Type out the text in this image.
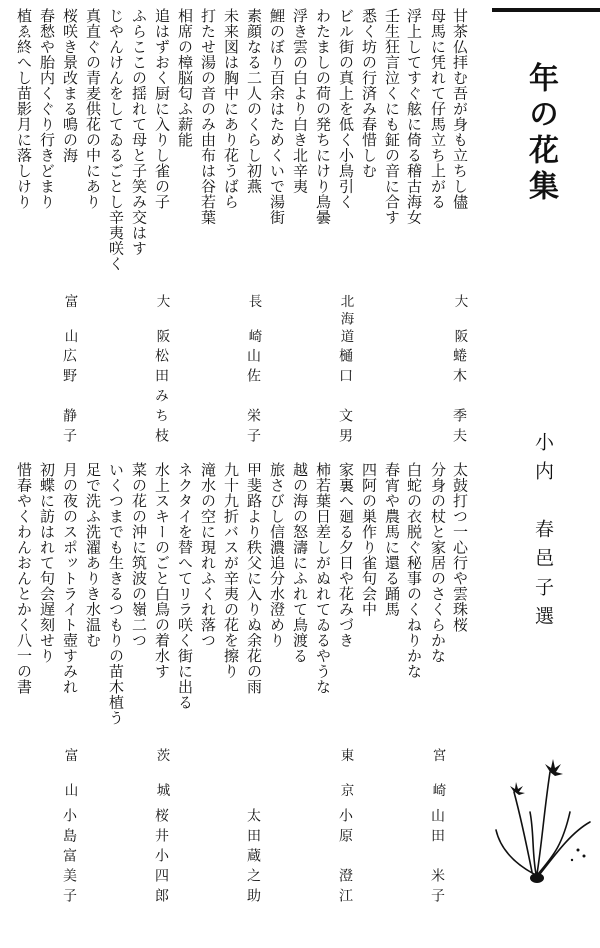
年の花集
小内　春邑子選
甘茶仏拝む吾が身も立ちし儘
母馬に凭れて仔馬立ち上がる
浮上してすぐ舷に倚る稽古海女
壬生狂言泣くにも鉦の音に合す
悉く坊の行済み春惜しむ
ビル街の真上を低く小鳥引く
わたましの荷の発ちにけり鳥曇
浮き雲の白より白き北辛夷
鯉のぼり百余はためくいで湯街
素顔なる二人のくらし初燕
未来図は胸中にあり花うばら
打たせ湯の音のみ由布は谷若葉
相席の樟脳匂ふ薪能
追はずおく厨に入りし雀の子
ふらここの揺れて母と子笑み交はす
じやんけんをしてゐるごとし辛夷咲く
真直ぐの青麦供花の中にあり
桜咲き景改まる鳴の海
春愁や胎内くぐり行きどまり
植ゑ終へし苗影月に落しけり
大　阪
蜷木　季夫
北海道
樋口　文男
長　崎
山佐　栄子
大　阪
松田みち枝
富　山
広野　静子
太鼓打つ一心行や雲珠桜
分身の杖と家居のさくらかな
白蛇の衣脱ぐ秘事のくねりかな
春宵や農馬に還る踊馬
四阿の巣作り雀句会中
家裏へ廻る夕日や花みづき
柿若葉日差しがぬれてゐるやうな
越の海の怒濤にふれて鳥渡る
旅さびし信濃追分水澄めり
甲斐路より秩父に入りぬ余花の雨
九十九折バスが辛夷の花を擦り
滝水の空に現れふくれ落つ
ネクタイを替へてリラ咲く街に出る
水上スキーのごと白鳥の着水す
菜の花の沖に筑波の嶺二つ
いくつまでも生きるつもりの苗木植う
足で洗ふ洗濯ありき水温む
月の夜のスポットライト壺すみれ
初蝶に訪はれて句会遅刻せり
惜春やくわんおんとかく八一の書
宮　崎
山田　米子
東　京
小原　澄江
太田蔵之助
茨　城
桜井小四郎
富　山
小島富美子
